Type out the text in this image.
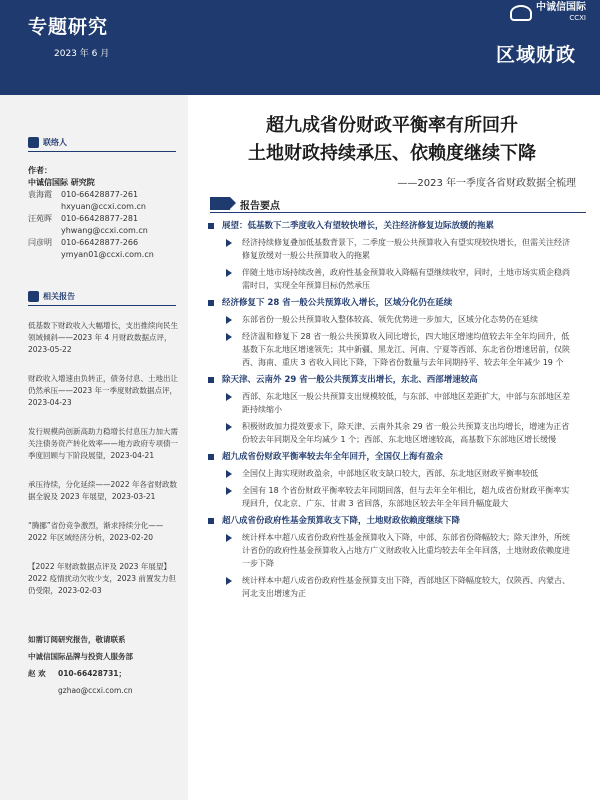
专题研究
2023 年 6 月
中诚信国际
CCXI
区域财政
联络人
作者：
中诚信国际 研究院
袁海霞	010-66428877-261
hxyuan@ccxi.com.cn
汪苑晖	010-66428877-281
yhwang@ccxi.com.cn
闫彦明	010-66428877-266
ymyan01@ccxi.com.cn
相关报告
低基数下财政收入大幅增长，支出推续向民生领域倾斜——2023 年 4 月财政数据点评，2023-05-22
财政收入增速由负转正，债务付息、土地出让仍然承压——2023 年一季度财政数据点评，2023-04-23
发行规模尚创新高助力稳增长付息压力加大需关注债务资产转化效率——地方政府专项债一季度回顾与下阶段展望，2023-04-21
承压待续，分化延续——2022 年各省财政数据全貌及 2023 年展望，2023-03-21
“腾挪”省份竞争激烈，渐求持续分化——2022 年区域经济分析，2023-02-20
【2022 年财政数据点评及 2023 年展望】2022 疫情扰动欠收少支，2023 前置发力但仍受限，2023-02-03
如需订阅研究报告，敬请联系
中诚信国际品牌与投资人服务部
赵 欢	010-66428731；
gzhao@ccxi.com.cn
超九成省份财政平衡率有所回升
土地财政持续承压、依赖度继续下降
——2023 年一季度各省财政数据全梳理
报告要点
展望：低基数下二季度收入有望较快增长，关注经济修复边际放缓的拖累
经济持续修复叠加低基数背景下，二季度一般公共预算收入有望实现较快增长，但需关注经济修复放缓对一般公共预算收入的拖累
伴随土地市场持续改善，政府性基金预算收入降幅有望继续收窄，同时，土地市场实质企稳尚需时日，实现全年预算目标仍然承压
经济修复下 28 省一般公共预算收入增长，区域分化仍在延续
东部省份一般公共预算收入整体较高、领先优势进一步加大，区域分化态势仍在延续
经济温和修复下 28 省一般公共预算收入同比增长，四大地区增速均值较去年全年均回升，低基数下东北地区增速领先；其中新疆、黑龙江、河南、宁夏等西部、东北省份增速居前，仅陕西、海南、重庆 3 省收入同比下降，下降省份数量与去年同期持平、较去年全年减少 19 个
除天津、云南外 29 省一般公共预算支出增长，东北、西部增速较高
西部、东北地区一般公共预算支出规模较低，与东部、中部地区差距扩大，中部与东部地区差距持续缩小
积极财政加力提效要求下，除天津、云南外其余 29 省一般公共预算支出均增长，增速为正省份较去年同期及全年均减少 1 个；西部、东北地区增速较高，高基数下东部地区增长缓慢
超九成省份财政平衡率较去年全年回升，全国仅上海有盈余
全国仅上海实现财政盈余，中部地区收支缺口较大，西部、东北地区财政平衡率较低
全国有 18 个省份财政平衡率较去年同期回落，但与去年全年相比，超九成省份财政平衡率实现回升，仅北京、广东、甘肃 3 省回落，东部地区较去年全年回升幅度最大
超八成省份政府性基金预算收支下降，土地财政依赖度继续下降
统计样本中超八成省份政府性基金预算收入下降，中部、东部省份降幅较大；除天津外，所统计省份的政府性基金预算收入占地方广义财政收入比重均较去年全年回落，土地财政依赖度进一步下降
统计样本中超八成省份政府性基金预算支出下降，西部地区下降幅度较大，仅陕西、内蒙古、河北支出增速为正
